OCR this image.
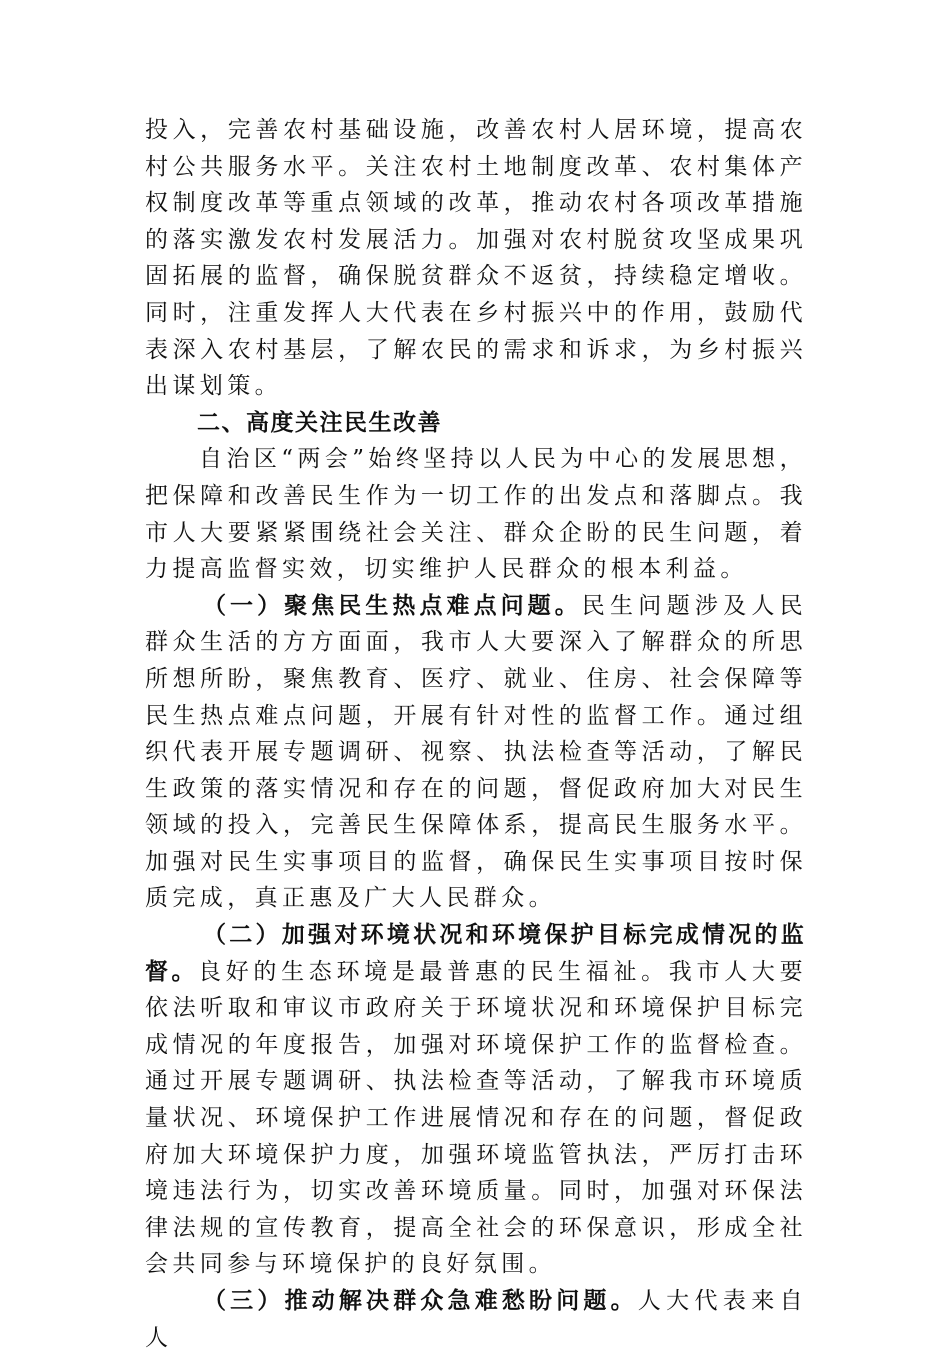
投入，完善农村基础设施，改善农村人居环境，提高农村公共服务水平。关注农村土地制度改革、农村集体产权制度改革等重点领域的改革，推动农村各项改革措施的落实激发农村发展活力。加强对农村脱贫攻坚成果巩固拓展的监督，确保脱贫群众不返贫，持续稳定增收。同时，注重发挥人大代表在乡村振兴中的作用，鼓励代表深入农村基层，了解农民的需求和诉求，为乡村振兴出谋划策。

二、高度关注民生改善

自治区“两会”始终坚持以人民为中心的发展思想，把保障和改善民生作为一切工作的出发点和落脚点。我市人大要紧紧围绕社会关注、群众企盼的民生问题，着力提高监督实效，切实维护人民群众的根本利益。

（一）聚焦民生热点难点问题。民生问题涉及人民群众生活的方方面面，我市人大要深入了解群众的所思所想所盼，聚焦教育、医疗、就业、住房、社会保障等民生热点难点问题，开展有针对性的监督工作。通过组织代表开展专题调研、视察、执法检查等活动，了解民生政策的落实情况和存在的问题，督促政府加大对民生领域的投入，完善民生保障体系，提高民生服务水平。加强对民生实事项目的监督，确保民生实事项目按时保质完成，真正惠及广大人民群众。

（二）加强对环境状况和环境保护目标完成情况的监督。良好的生态环境是最普惠的民生福祉。我市人大要依法听取和审议市政府关于环境状况和环境保护目标完成情况的年度报告，加强对环境保护工作的监督检查。通过开展专题调研、执法检查等活动，了解我市环境质量状况、环境保护工作进展情况和存在的问题，督促政府加大环境保护力度，加强环境监管执法，严厉打击环境违法行为，切实改善环境质量。同时，加强对环保法律法规的宣传教育，提高全社会的环保意识，形成全社会共同参与环境保护的良好氛围。

（三）推动解决群众急难愁盼问题。人大代表来自人
